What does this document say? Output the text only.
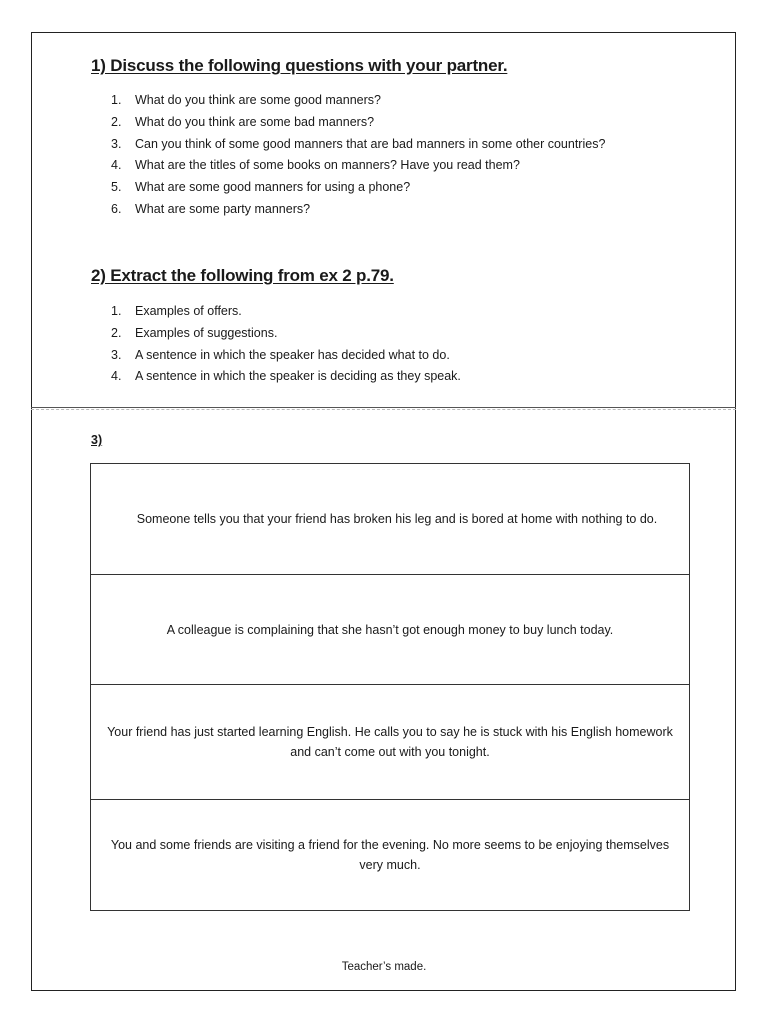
1) Discuss the following questions with your partner.
1. What do you think are some good manners?
2. What do you think are some bad manners?
3. Can you think of some good manners that are bad manners in some other countries?
4. What are the titles of some books on manners? Have you read them?
5. What are some good manners for using a phone?
6. What are some party manners?
2) Extract the following from ex 2 p.79.
1. Examples of offers.
2. Examples of suggestions.
3. A sentence in which the speaker has decided what to do.
4. A sentence in which the speaker is deciding as they speak.

3)

Someone tells you that your friend has broken his leg and is bored at home with nothing to do.
A colleague is complaining that she hasn’t got enough money to buy lunch today.
Your friend has just started learning English. He calls you to say he is stuck with his English homework and can’t come out with you tonight.
You and some friends are visiting a friend for the evening. No more seems to be enjoying themselves very much.

Teacher’s made.
